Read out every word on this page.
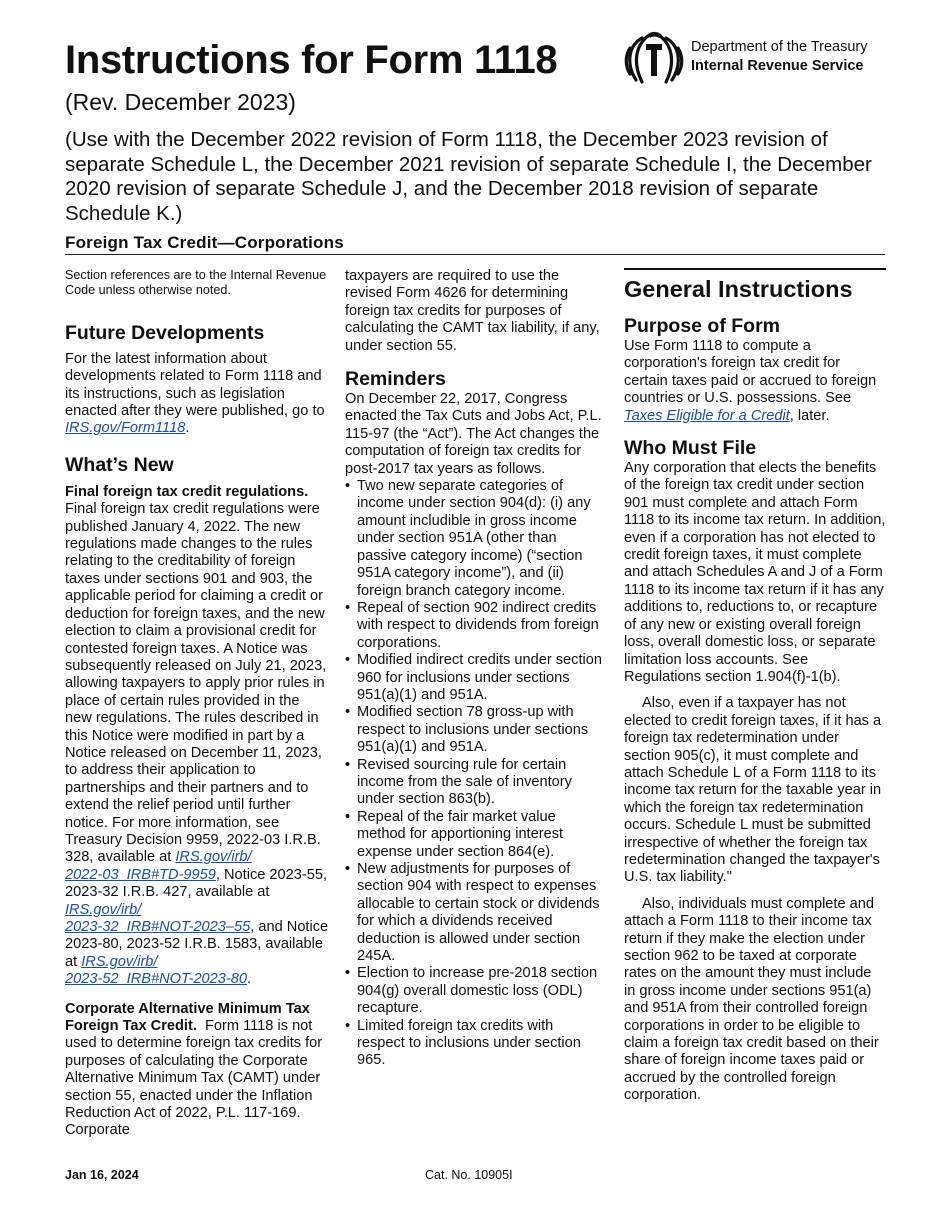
Instructions for Form 1118
(Rev. December 2023)
(Use with the December 2022 revision of Form 1118, the December 2023 revision of separate Schedule L, the December 2021 revision of separate Schedule I, the December 2020 revision of separate Schedule J, and the December 2018 revision of separate Schedule K.)
Foreign Tax Credit—Corporations
Department of the Treasury
Internal Revenue Service

Section references are to the Internal Revenue Code unless otherwise noted.

Future Developments

For the latest information about developments related to Form 1118 and its instructions, such as legislation enacted after they were published, go to IRS.gov/Form1118.

What’s New

Final foreign tax credit regulations. Final foreign tax credit regulations were published January 4, 2022. The new regulations made changes to the rules relating to the creditability of foreign taxes under sections 901 and 903, the applicable period for claiming a credit or deduction for foreign taxes, and the new election to claim a provisional credit for contested foreign taxes. A Notice was subsequently released on July 21, 2023, allowing taxpayers to apply prior rules in place of certain rules provided in the new regulations. The rules described in this Notice were modified in part by a Notice released on December 11, 2023, to address their application to partnerships and their partners and to extend the relief period until further notice. For more information, see Treasury Decision 9959, 2022-03 I.R.B. 328, available at IRS.gov/irb/
2022-03_IRB#TD-9959, Notice 2023-55, 2023-32 I.R.B. 427, available at IRS.gov/irb/
2023-32_IRB#NOT-2023–55, and Notice 2023-80, 2023-52 I.R.B. 1583, available at IRS.gov/irb/
2023-52_IRB#NOT-2023-80.

Corporate Alternative Minimum Tax Foreign Tax Credit. Form 1118 is not used to determine foreign tax credits for purposes of calculating the Corporate Alternative Minimum Tax (CAMT) under section 55, enacted under the Inflation Reduction Act of 2022, P.L. 117-169. Corporate

taxpayers are required to use the revised Form 4626 for determining foreign tax credits for purposes of calculating the CAMT tax liability, if any, under section 55.

Reminders

On December 22, 2017, Congress enacted the Tax Cuts and Jobs Act, P.L. 115-97 (the “Act”). The Act changes the computation of foreign tax credits for post-2017 tax years as follows.

• Two new separate categories of income under section 904(d): (i) any amount includible in gross income under section 951A (other than passive category income) (“section 951A category income”), and (ii) foreign branch category income.

• Repeal of section 902 indirect credits with respect to dividends from foreign corporations.

• Modified indirect credits under section 960 for inclusions under sections 951(a)(1) and 951A.

• Modified section 78 gross-up with respect to inclusions under sections 951(a)(1) and 951A.

• Revised sourcing rule for certain income from the sale of inventory under section 863(b).

• Repeal of the fair market value method for apportioning interest expense under section 864(e).

• New adjustments for purposes of section 904 with respect to expenses allocable to certain stock or dividends for which a dividends received deduction is allowed under section 245A.

• Election to increase pre-2018 section 904(g) overall domestic loss (ODL) recapture.

• Limited foreign tax credits with respect to inclusions under section 965.

General Instructions
Purpose of Form

Use Form 1118 to compute a corporation's foreign tax credit for certain taxes paid or accrued to foreign countries or U.S. possessions. See Taxes Eligible for a Credit, later.

Who Must File

Any corporation that elects the benefits of the foreign tax credit under section 901 must complete and attach Form 1118 to its income tax return. In addition, even if a corporation has not elected to credit foreign taxes, it must complete and attach Schedules A and J of a Form 1118 to its income tax return if it has any additions to, reductions to, or recapture of any new or existing overall foreign loss, overall domestic loss, or separate limitation loss accounts. See Regulations section 1.904(f)-1(b).

Also, even if a taxpayer has not elected to credit foreign taxes, if it has a foreign tax redetermination under section 905(c), it must complete and attach Schedule L of a Form 1118 to its income tax return for the taxable year in which the foreign tax redetermination occurs. Schedule L must be submitted irrespective of whether the foreign tax redetermination changed the taxpayer's U.S. tax liability."

Also, individuals must complete and attach a Form 1118 to their income tax return if they make the election under section 962 to be taxed at corporate rates on the amount they must include in gross income under sections 951(a) and 951A from their controlled foreign corporations in order to be eligible to claim a foreign tax credit based on their share of foreign income taxes paid or accrued by the controlled foreign corporation.

Jan 16, 2024	Cat. No. 10905I
